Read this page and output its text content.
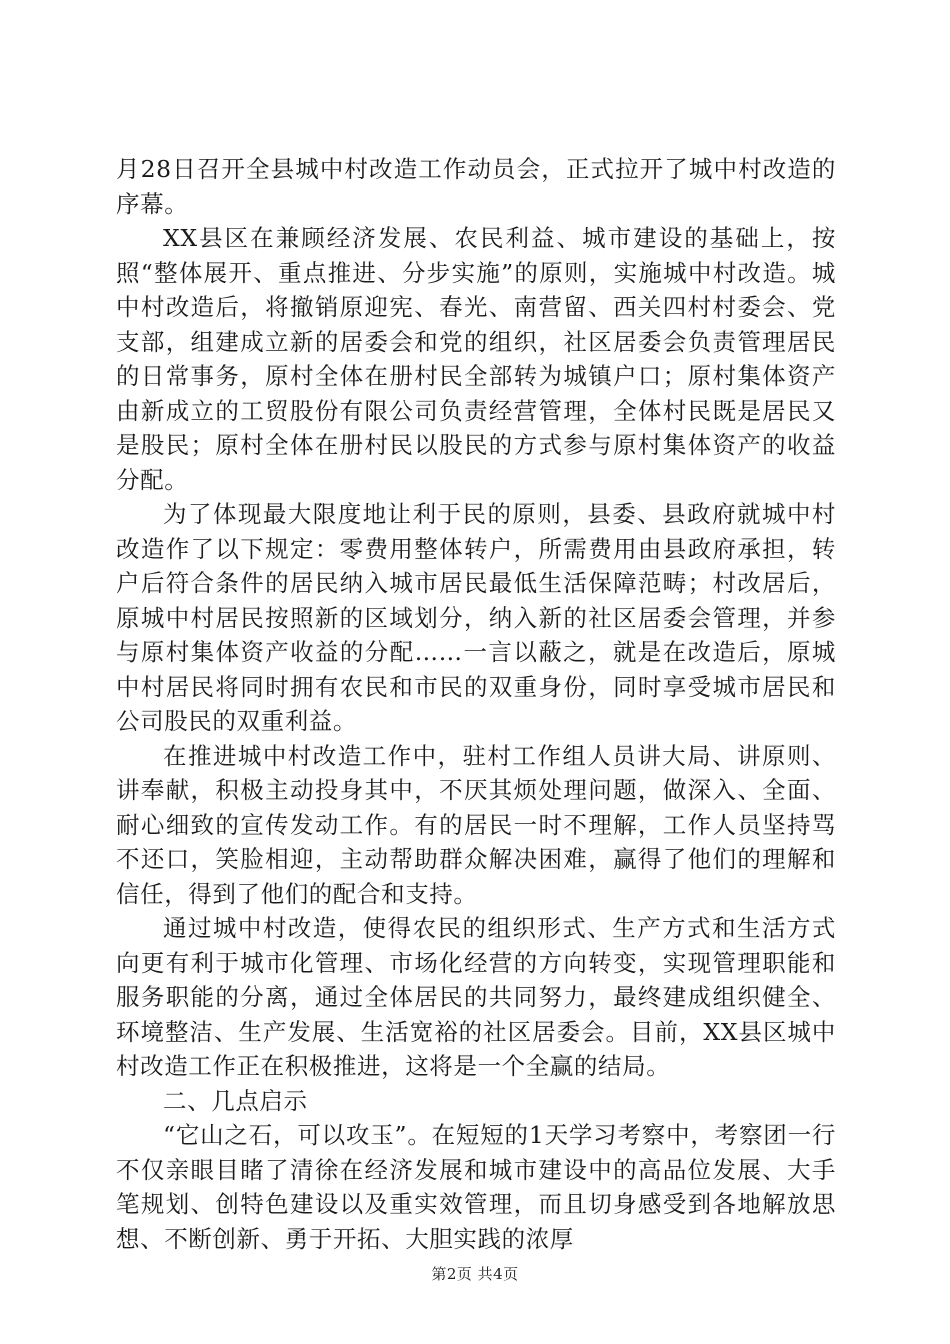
月28日召开全县城中村改造工作动员会，正式拉开了城中村改造的序幕。

XX县区在兼顾经济发展、农民利益、城市建设的基础上，按照“整体展开、重点推进、分步实施”的原则，实施城中村改造。城中村改造后，将撤销原迎宪、春光、南营留、西关四村村委会、党支部，组建成立新的居委会和党的组织，社区居委会负责管理居民的日常事务，原村全体在册村民全部转为城镇户口；原村集体资产由新成立的工贸股份有限公司负责经营管理，全体村民既是居民又是股民；原村全体在册村民以股民的方式参与原村集体资产的收益分配。

为了体现最大限度地让利于民的原则，县委、县政府就城中村改造作了以下规定：零费用整体转户，所需费用由县政府承担，转户后符合条件的居民纳入城市居民最低生活保障范畴；村改居后，原城中村居民按照新的区域划分，纳入新的社区居委会管理，并参与原村集体资产收益的分配……一言以蔽之，就是在改造后，原城中村居民将同时拥有农民和市民的双重身份，同时享受城市居民和公司股民的双重利益。

在推进城中村改造工作中，驻村工作组人员讲大局、讲原则、讲奉献，积极主动投身其中，不厌其烦处理问题，做深入、全面、耐心细致的宣传发动工作。有的居民一时不理解，工作人员坚持骂不还口，笑脸相迎，主动帮助群众解决困难，赢得了他们的理解和信任，得到了他们的配合和支持。

通过城中村改造，使得农民的组织形式、生产方式和生活方式向更有利于城市化管理、市场化经营的方向转变，实现管理职能和服务职能的分离，通过全体居民的共同努力，最终建成组织健全、环境整洁、生产发展、生活宽裕的社区居委会。目前，XX县区城中村改造工作正在积极推进，这将是一个全赢的结局。

二、几点启示

“它山之石，可以攻玉”。在短短的1天学习考察中，考察团一行不仅亲眼目睹了清徐在经济发展和城市建设中的高品位发展、大手笔规划、创特色建设以及重实效管理，而且切身感受到各地解放思想、不断创新、勇于开拓、大胆实践的浓厚

第2页 共4页
